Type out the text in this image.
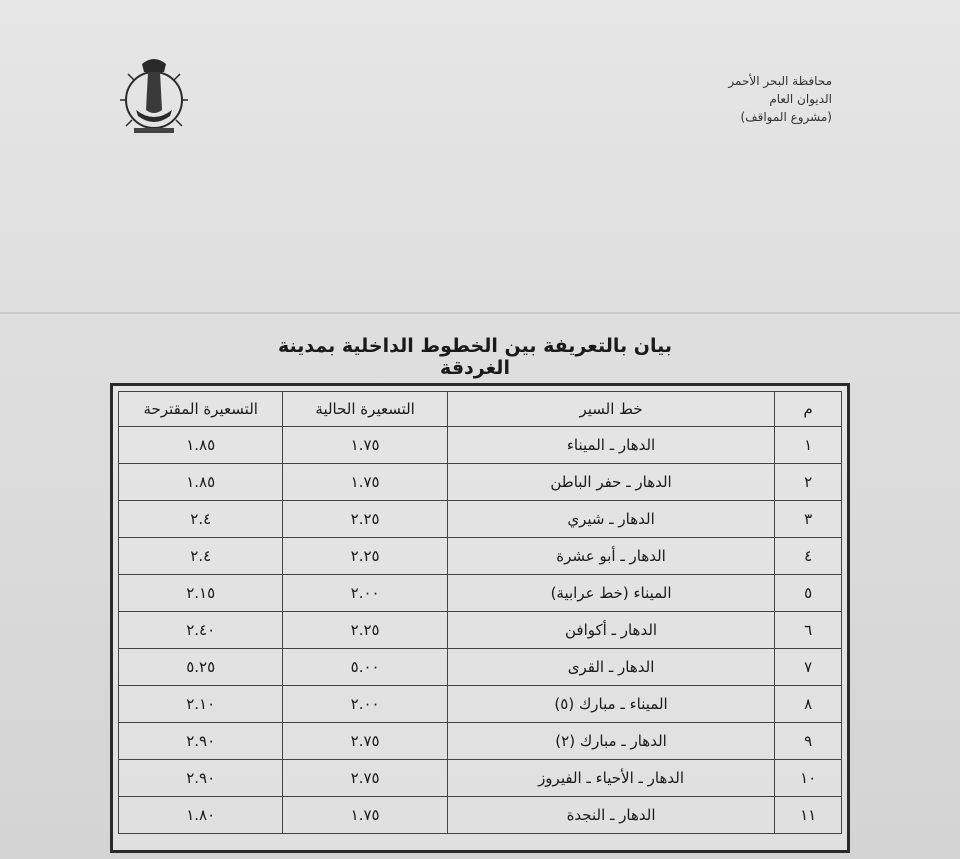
محافظة البحر الأحمر
الديوان العام
(مشروع المواقف)
بيان بالتعريفة بين الخطوط الداخلية بمدينة الغردقة
م	خط السير	التسعيرة الحالية	التسعيرة المقترحة
١	الدهار ـ الميناء	١.٧٥	١.٨٥
٢	الدهار ـ حفر الباطن	١.٧٥	١.٨٥
٣	الدهار ـ شيري	٢.٢٥	٢.٤
٤	الدهار ـ أبو عشرة	٢.٢٥	٢.٤
٥	الميناء (خط عرابية)	٢.٠٠	٢.١٥
٦	الدهار ـ أكوافن	٢.٢٥	٢.٤٠
٧	الدهار ـ القرى	٥.٠٠	٥.٢٥
٨	الميناء ـ مبارك (٥)	٢.٠٠	٢.١٠
٩	الدهار ـ مبارك (٢)	٢.٧٥	٢.٩٠
١٠	الدهار ـ الأحياء ـ الفيروز	٢.٧٥	٢.٩٠
١١	الدهار ـ النجدة	١.٧٥	١.٨٠
